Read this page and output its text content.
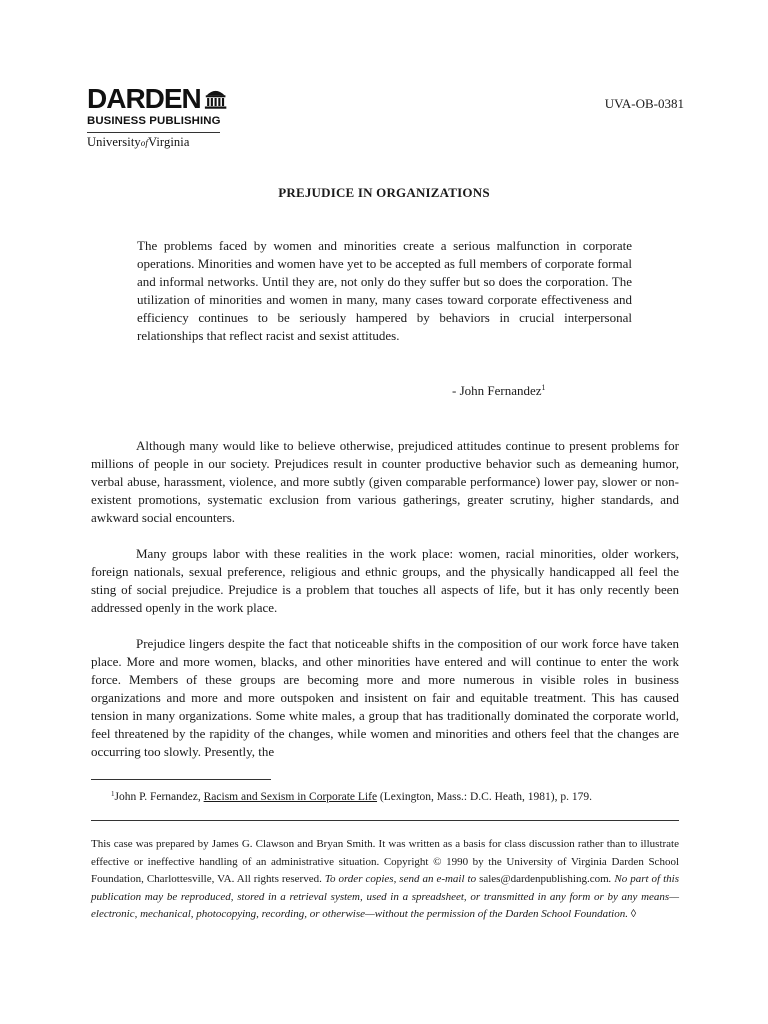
DARDEN
BUSINESS PUBLISHING
UniversityofVirginia
UVA-OB-0381
PREJUDICE IN ORGANIZATIONS

The problems faced by women and minorities create a serious malfunction in corporate operations. Minorities and women have yet to be accepted as full members of corporate formal and informal networks. Until they are, not only do they suffer but so does the corporation. The utilization of minorities and women in many, many cases toward corporate effectiveness and efficiency continues to be seriously hampered by behaviors in crucial interpersonal relationships that reflect racist and sexist attitudes.

- John Fernandez$^1$

Although many would like to believe otherwise, prejudiced attitudes continue to present problems for millions of people in our society. Prejudices result in counter productive behavior such as demeaning humor, verbal abuse, harassment, violence, and more subtly (given comparable performance) lower pay, slower or non-existent promotions, systematic exclusion from various gatherings, greater scrutiny, higher standards, and awkward social encounters.

Many groups labor with these realities in the work place: women, racial minorities, older workers, foreign nationals, sexual preference, religious and ethnic groups, and the physically handicapped all feel the sting of social prejudice. Prejudice is a problem that touches all aspects of life, but it has only recently been addressed openly in the work place.

Prejudice lingers despite the fact that noticeable shifts in the composition of our work force have taken place. More and more women, blacks, and other minorities have entered and will continue to enter the work force. Members of these groups are becoming more and more numerous in visible roles in business organizations and more and more outspoken and insistent on fair and equitable treatment. This has caused tension in many organizations. Some white males, a group that has traditionally dominated the corporate world, feel threatened by the rapidity of the changes, while women and minorities and others feel that the changes are occurring too slowly. Presently, the

$^1$John P. Fernandez, Racism and Sexism in Corporate Life (Lexington, Mass.: D.C. Heath, 1981), p. 179.
This case was prepared by James G. Clawson and Bryan Smith. It was written as a basis for class discussion rather than to illustrate effective or ineffective handling of an administrative situation. Copyright © 1990 by the University of Virginia Darden School Foundation, Charlottesville, VA. All rights reserved. To order copies, send an e-mail to sales@dardenpublishing.com. No part of this publication may be reproduced, stored in a retrieval system, used in a spreadsheet, or transmitted in any form or by any means—electronic, mechanical, photocopying, recording, or otherwise—without the permission of the Darden School Foundation. ◊
